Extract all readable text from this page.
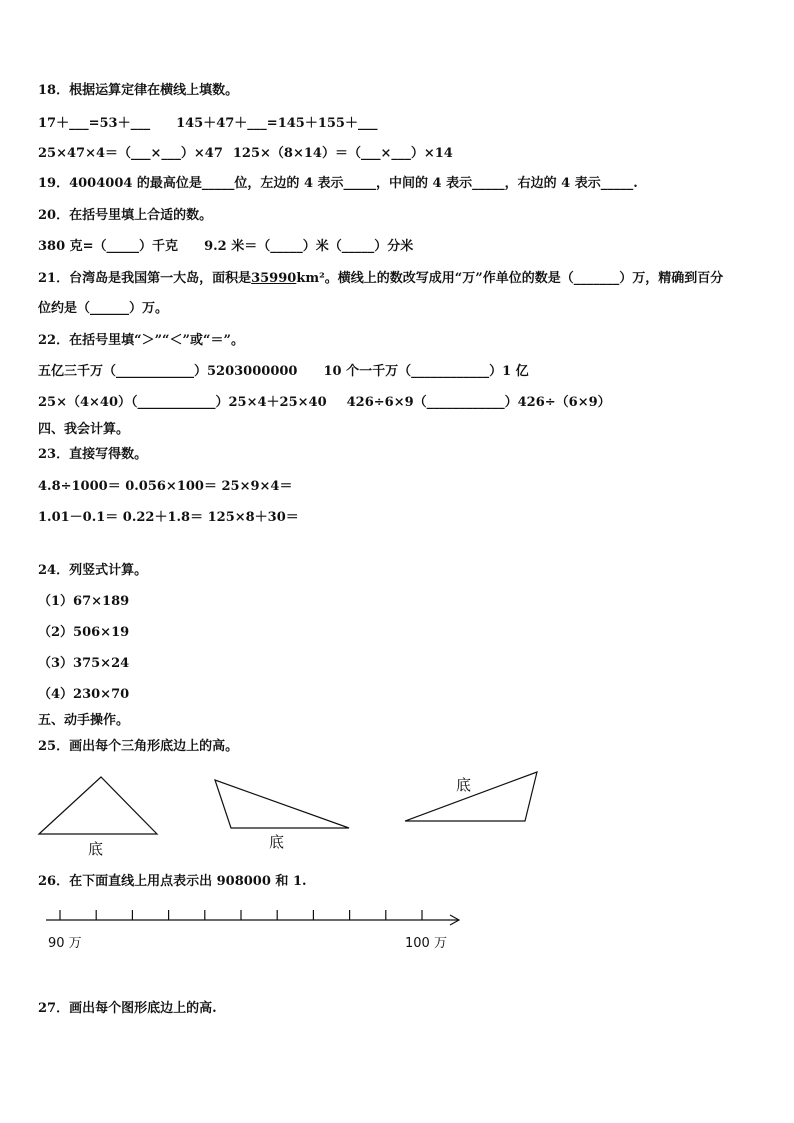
18．根据运算定律在横线上填数。
17＋___=53＋___ 145＋47＋___=145＋155＋___
25×47×4＝（___×___）×47 125×（8×14）＝（___×___）×14
19．4004004 的最高位是_____位，左边的 4 表示_____，中间的 4 表示_____，右边的 4 表示_____.
20．在括号里填上合适的数。
380 克=（_____）千克 9.2 米＝（_____）米（_____）分米
21．台湾岛是我国第一大岛，面积是35990km²。横线上的数改写成用“万”作单位的数是（_______）万，精确到百分
位约是（______）万。
22．在括号里填“＞”“＜”或“＝”。
五亿三千万（____________）5203000000 10 个一千万（____________）1 亿
25×（4×40）（____________）25×4＋25×40 426÷6×9（____________）426÷（6×9）
四、我会计算。
23．直接写得数。
4.8÷1000＝ 0.056×100＝ 25×9×4＝
1.01－0.1＝ 0.22＋1.8＝ 125×8＋30＝
24．列竖式计算。
（1）67×189
（2）506×19
（3）375×24
（4）230×70
五、动手操作。
25．画出每个三角形底边上的高。
底	底
底
26．在下面直线上用点表示出 908000 和 1.
90 万	100 万
27．画出每个图形底边上的高.
